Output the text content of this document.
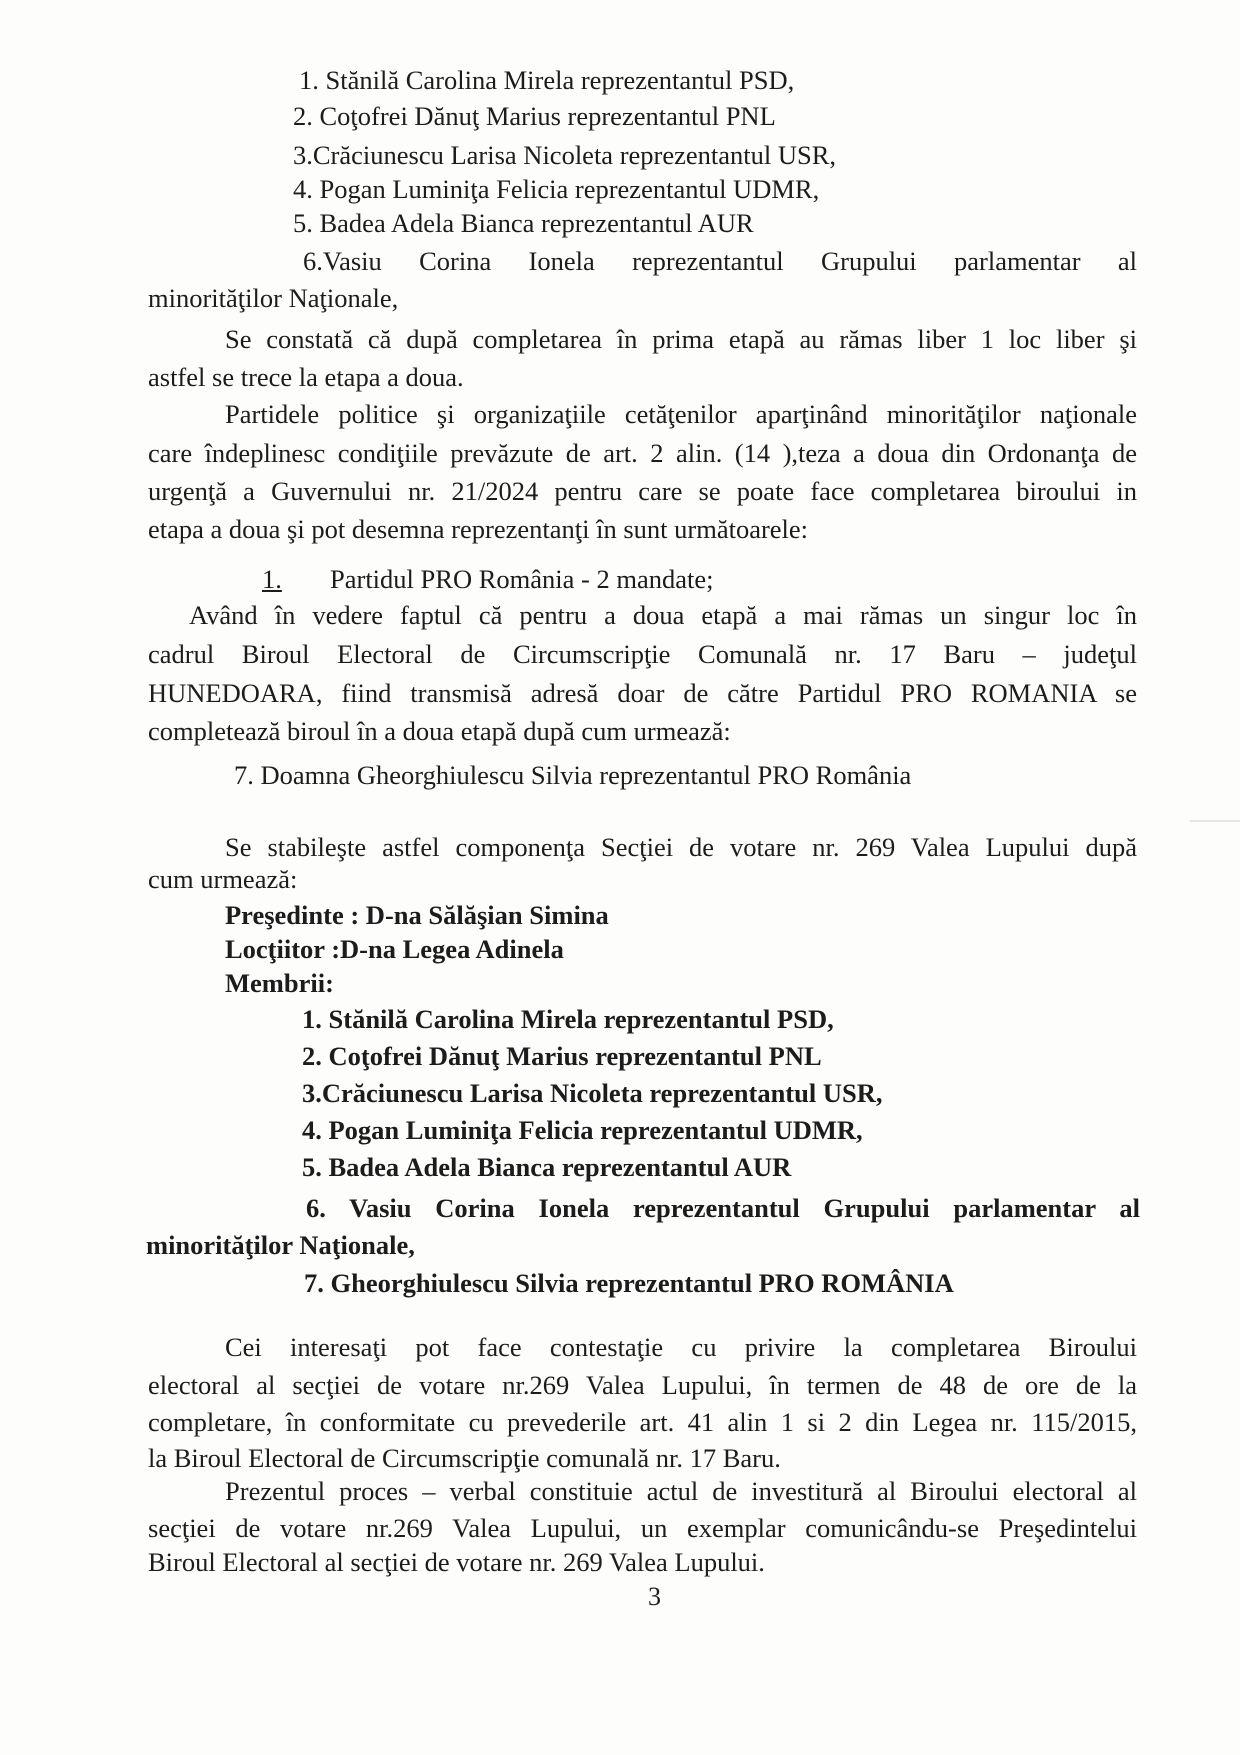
1. Stănilă Carolina Mirela reprezentantul PSD,
2. Coţofrei Dănuţ Marius reprezentantul PNL
3.Crăciunescu Larisa Nicoleta reprezentantul USR,
4. Pogan Luminiţa Felicia reprezentantul UDMR,
5. Badea Adela Bianca reprezentantul AUR
6.Vasiu Corina Ionela reprezentantul Grupului parlamentar al
minorităţilor Naţionale,
Se constată că după completarea în prima etapă au rămas liber 1 loc liber şi
astfel se trece la etapa a doua.
Partidele politice şi organizaţiile cetăţenilor aparţinând minorităţilor naţionale
care îndeplinesc condiţiile prevăzute de art. 2 alin. (14 ),teza a doua din Ordonanţa de
urgenţă a Guvernului nr. 21/2024 pentru care se poate face completarea biroului in
etapa a doua şi pot desemna reprezentanţi în sunt următoarele:
1. Partidul PRO România - 2 mandate;
Având în vedere faptul că pentru a doua etapă a mai rămas un singur loc în
cadrul Biroul Electoral de Circumscripţie Comunală nr. 17 Baru – judeţul
HUNEDOARA, fiind transmisă adresă doar de către Partidul PRO ROMANIA se
completează biroul în a doua etapă după cum urmează:
7. Doamna Gheorghiulescu Silvia reprezentantul PRO România
Se stabileşte astfel componenţa Secţiei de votare nr. 269 Valea Lupului după
cum urmează:
Preşedinte : D-na Sălăşian Simina
Locţiitor :D-na Legea Adinela
Membrii:
1. Stănilă Carolina Mirela reprezentantul PSD,
2. Coţofrei Dănuţ Marius reprezentantul PNL
3.Crăciunescu Larisa Nicoleta reprezentantul USR,
4. Pogan Luminiţa Felicia reprezentantul UDMR,
5. Badea Adela Bianca reprezentantul AUR
6. Vasiu Corina Ionela reprezentantul Grupului parlamentar al
minorităţilor Naţionale,
7. Gheorghiulescu Silvia reprezentantul PRO ROMÂNIA
Cei interesaţi pot face contestaţie cu privire la completarea Biroului
electoral al secţiei de votare nr.269 Valea Lupului, în termen de 48 de ore de la
completare, în conformitate cu prevederile art. 41 alin 1 si 2 din Legea nr. 115/2015,
la Biroul Electoral de Circumscripţie comunală nr. 17 Baru.
Prezentul proces – verbal constituie actul de investitură al Biroului electoral al
secţiei de votare nr.269 Valea Lupului, un exemplar comunicându-se Preşedintelui
Biroul Electoral al secţiei de votare nr. 269 Valea Lupului.
3
